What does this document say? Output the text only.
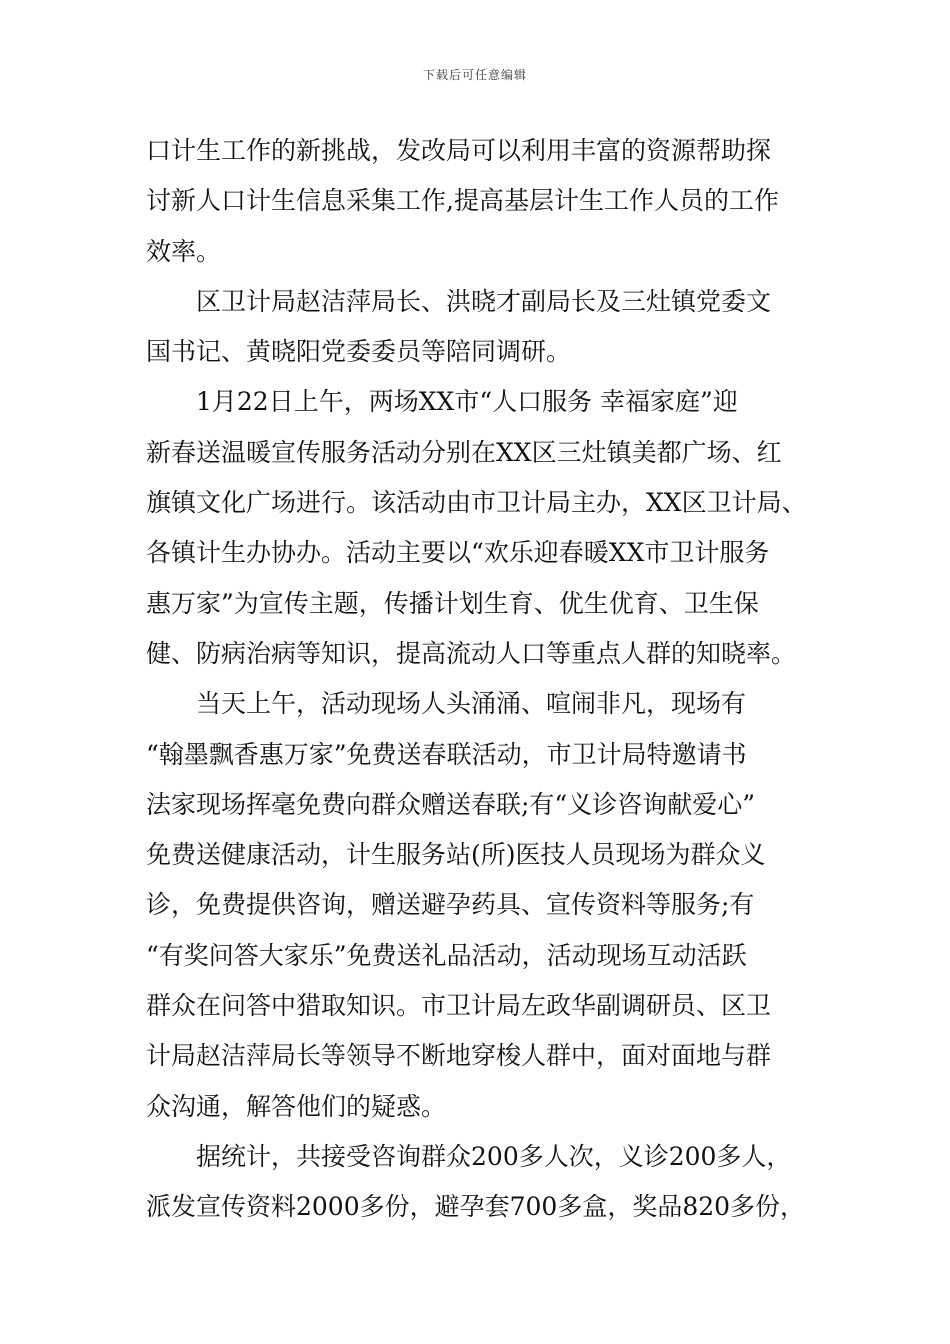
下载后可任意编辑
口计生工作的新挑战，发改局可以利用丰富的资源帮助探
讨新人口计生信息采集工作,提高基层计生工作人员的工作
效率。
区卫计局赵洁萍局长、洪晓才副局长及三灶镇党委文
国书记、黄晓阳党委委员等陪同调研。
1月22日上午，两场XX市“人口服务 幸福家庭”迎
新春送温暖宣传服务活动分别在XX区三灶镇美都广场、红
旗镇文化广场进行。该活动由市卫计局主办，XX区卫计局、
各镇计生办协办。活动主要以“欢乐迎春暖XX市卫计服务
惠万家”为宣传主题，传播计划生育、优生优育、卫生保
健、防病治病等知识，提高流动人口等重点人群的知晓率。
当天上午，活动现场人头涌涌、喧闹非凡，现场有
“翰墨飘香惠万家”免费送春联活动，市卫计局特邀请书
法家现场挥毫免费向群众赠送春联;有“义诊咨询献爱心”
免费送健康活动，计生服务站(所)医技人员现场为群众义
诊，免费提供咨询，赠送避孕药具、宣传资料等服务;有
“有奖问答大家乐”免费送礼品活动，活动现场互动活跃
群众在问答中猎取知识。市卫计局左政华副调研员、区卫
计局赵洁萍局长等领导不断地穿梭人群中，面对面地与群
众沟通，解答他们的疑惑。
据统计，共接受咨询群众200多人次，义诊200多人，
派发宣传资料2000多份，避孕套700多盒，奖品820多份，
